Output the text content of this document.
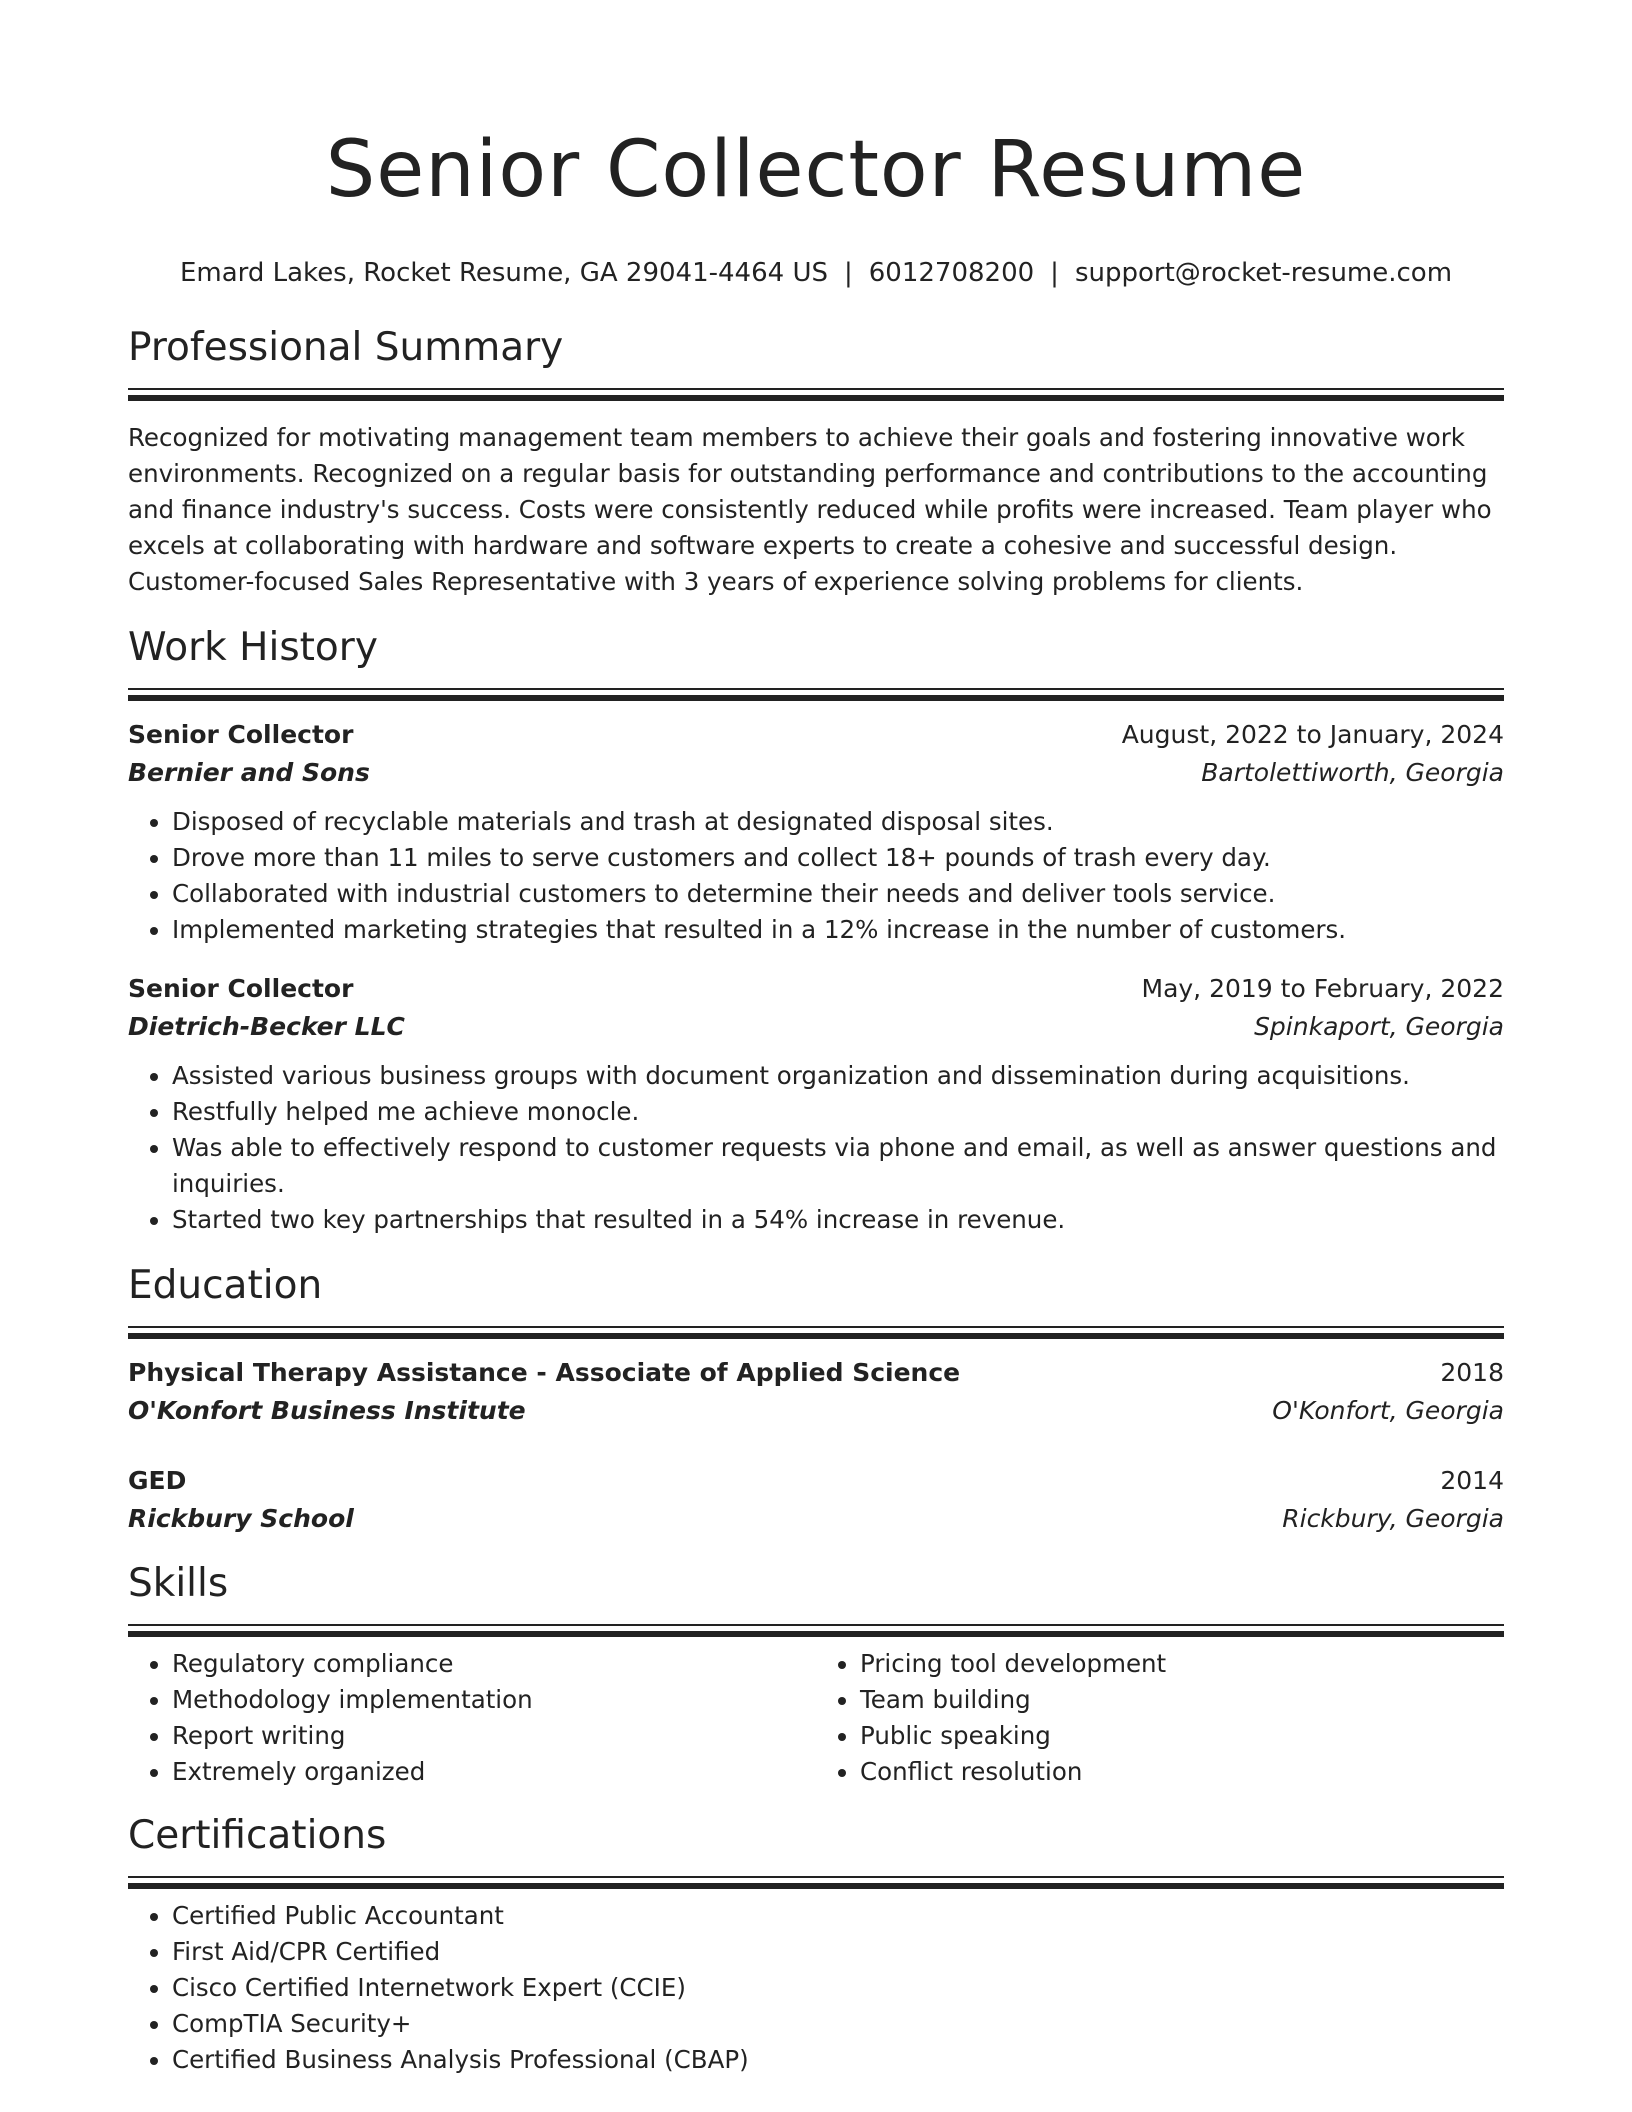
Senior Collector Resume
Emard Lakes, Rocket Resume, GA 29041-4464 US | 6012708200 | support@rocket-resume.com
Professional Summary

Recognized for motivating management team members to achieve their goals and fostering innovative work environments. Recognized on a regular basis for outstanding performance and contributions to the accounting and finance industry's success. Costs were consistently reduced while profits were increased. Team player who excels at collaborating with hardware and software experts to create a cohesive and successful design. Customer-focused Sales Representative with 3 years of experience solving problems for clients.

Work History
Senior Collector	August, 2022 to January, 2024
Bernier and Sons	Bartolettiworth, Georgia
• Disposed of recyclable materials and trash at designated disposal sites.
• Drove more than 11 miles to serve customers and collect 18+ pounds of trash every day.
• Collaborated with industrial customers to determine their needs and deliver tools service.
• Implemented marketing strategies that resulted in a 12% increase in the number of customers.
Senior Collector	May, 2019 to February, 2022
Dietrich-Becker LLC	Spinkaport, Georgia
• Assisted various business groups with document organization and dissemination during acquisitions.
• Restfully helped me achieve monocle.
• Was able to effectively respond to customer requests via phone and email, as well as answer questions and inquiries.
• Started two key partnerships that resulted in a 54% increase in revenue.
Education
Physical Therapy Assistance - Associate of Applied Science	2018
O'Konfort Business Institute	O'Konfort, Georgia
GED	2014
Rickbury School	Rickbury, Georgia
Skills
• Regulatory compliance
• Methodology implementation
• Report writing
• Extremely organized
• Pricing tool development
• Team building
• Public speaking
• Conflict resolution
Certifications
• Certified Public Accountant
• First Aid/CPR Certified
• Cisco Certified Internetwork Expert (CCIE)
• CompTIA Security+
• Certified Business Analysis Professional (CBAP)
